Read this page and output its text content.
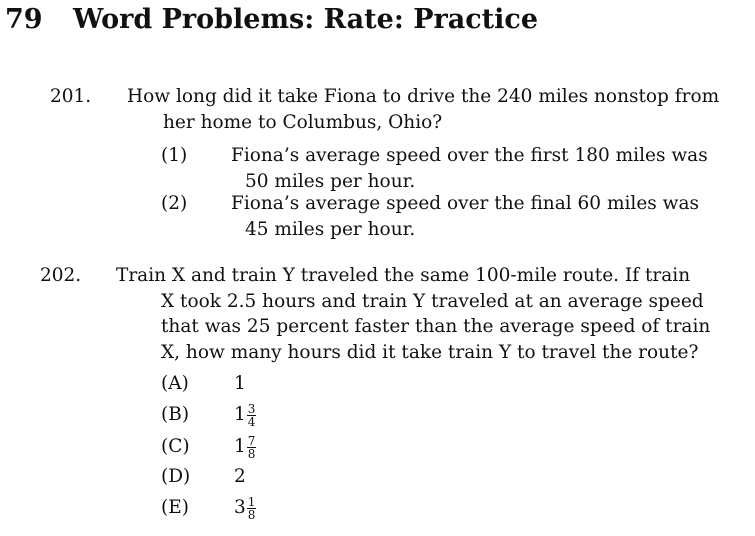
79 Word Problems: Rate: Practice
201. How long did it take Fiona to drive the 240 miles nonstop from
her home to Columbus, Ohio?
(1) Fiona’s average speed over the first 180 miles was
50 miles per hour.
(2) Fiona’s average speed over the final 60 miles was
45 miles per hour.
202. Train X and train Y traveled the same 100-mile route. If train
X took 2.5 hours and train Y traveled at an average speed
that was 25 percent faster than the average speed of train
X, how many hours did it take train Y to travel the route?
(A) 1
(B) $1 \frac{3}{4}$
(C) $1 \frac{7}{8}$
(D) 2
(E) $3 \frac{1}{8}$
